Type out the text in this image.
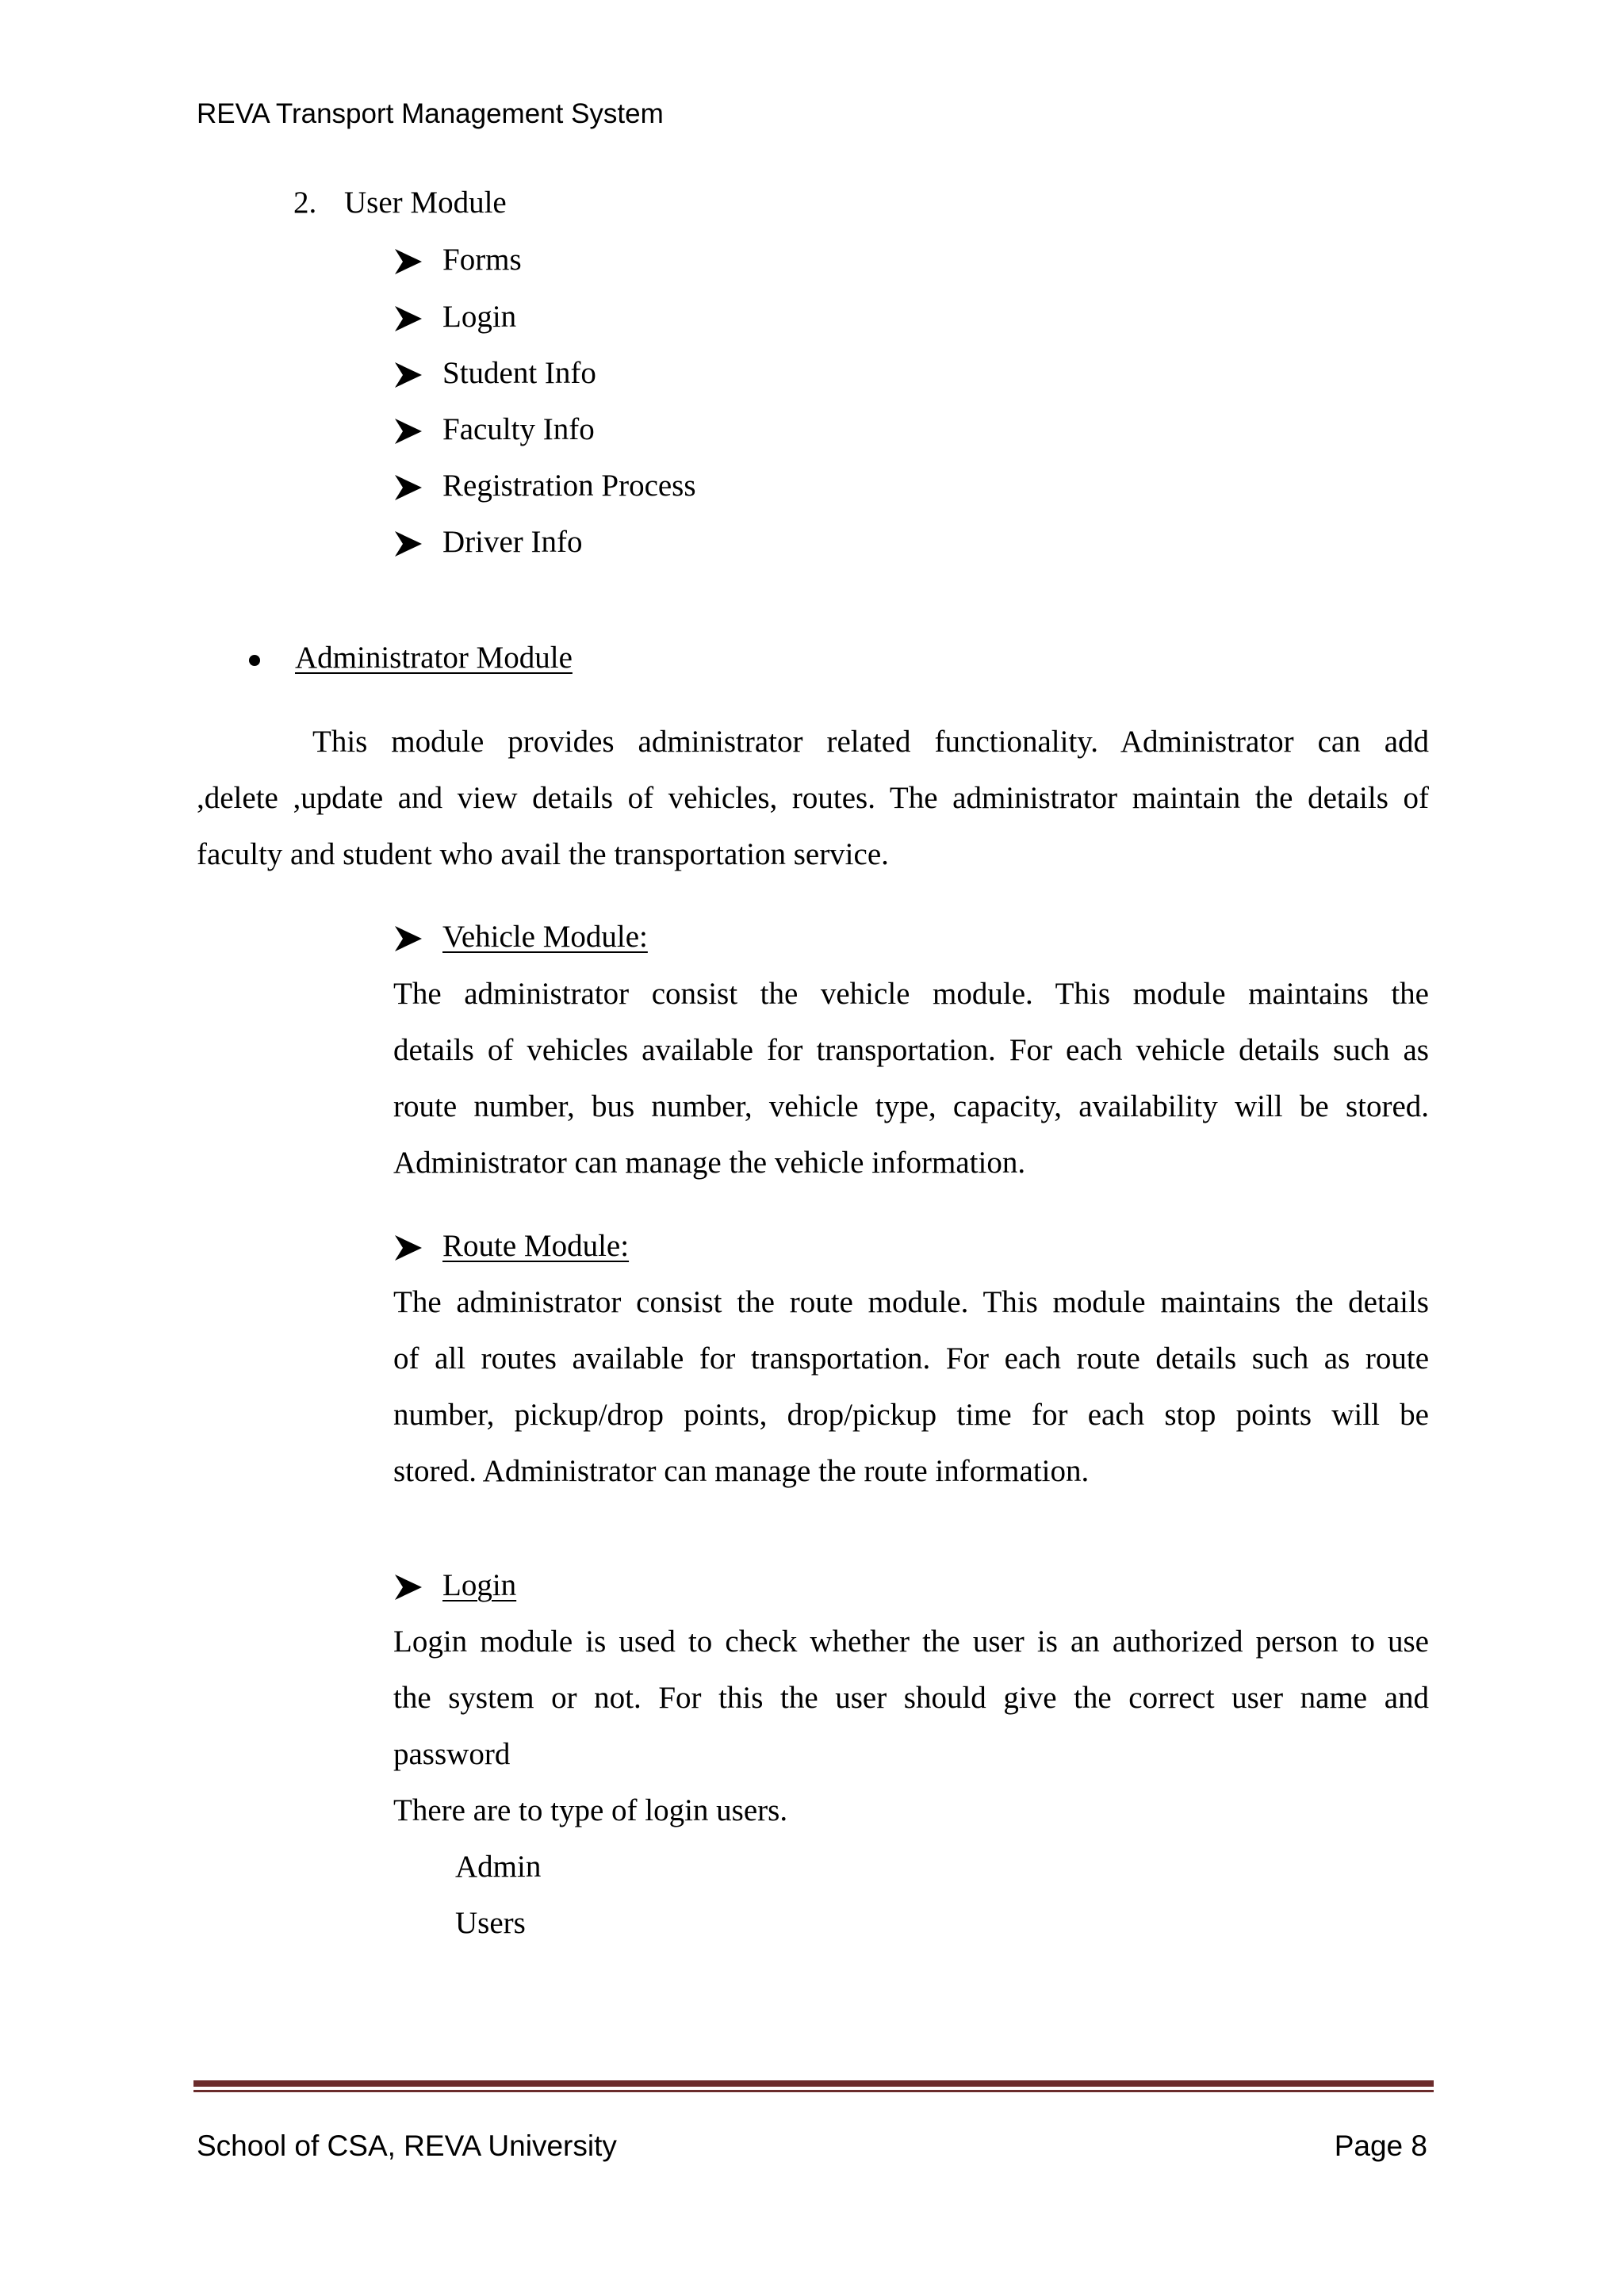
REVA Transport Management System
2. User Module
Forms
Login
Student Info
Faculty Info
Registration Process
Driver Info
Administrator Module
This module provides administrator related functionality. Administrator can add
,delete ,update and view details of vehicles, routes. The administrator maintain the details of
faculty and student who avail the transportation service.
Vehicle Module:
The administrator consist the vehicle module. This module maintains the
details of vehicles available for transportation. For each vehicle details such as
route number, bus number, vehicle type, capacity, availability will be stored.
Administrator can manage the vehicle information.
Route Module:
The administrator consist the route module. This module maintains the details
of all routes available for transportation. For each route details such as route
number, pickup/drop points, drop/pickup time for each stop points will be
stored. Administrator can manage the route information.
Login
Login module is used to check whether the user is an authorized person to use
the system or not. For this the user should give the correct user name and
password
There are to type of login users.
Admin
Users
School of CSA, REVA University	Page 8
